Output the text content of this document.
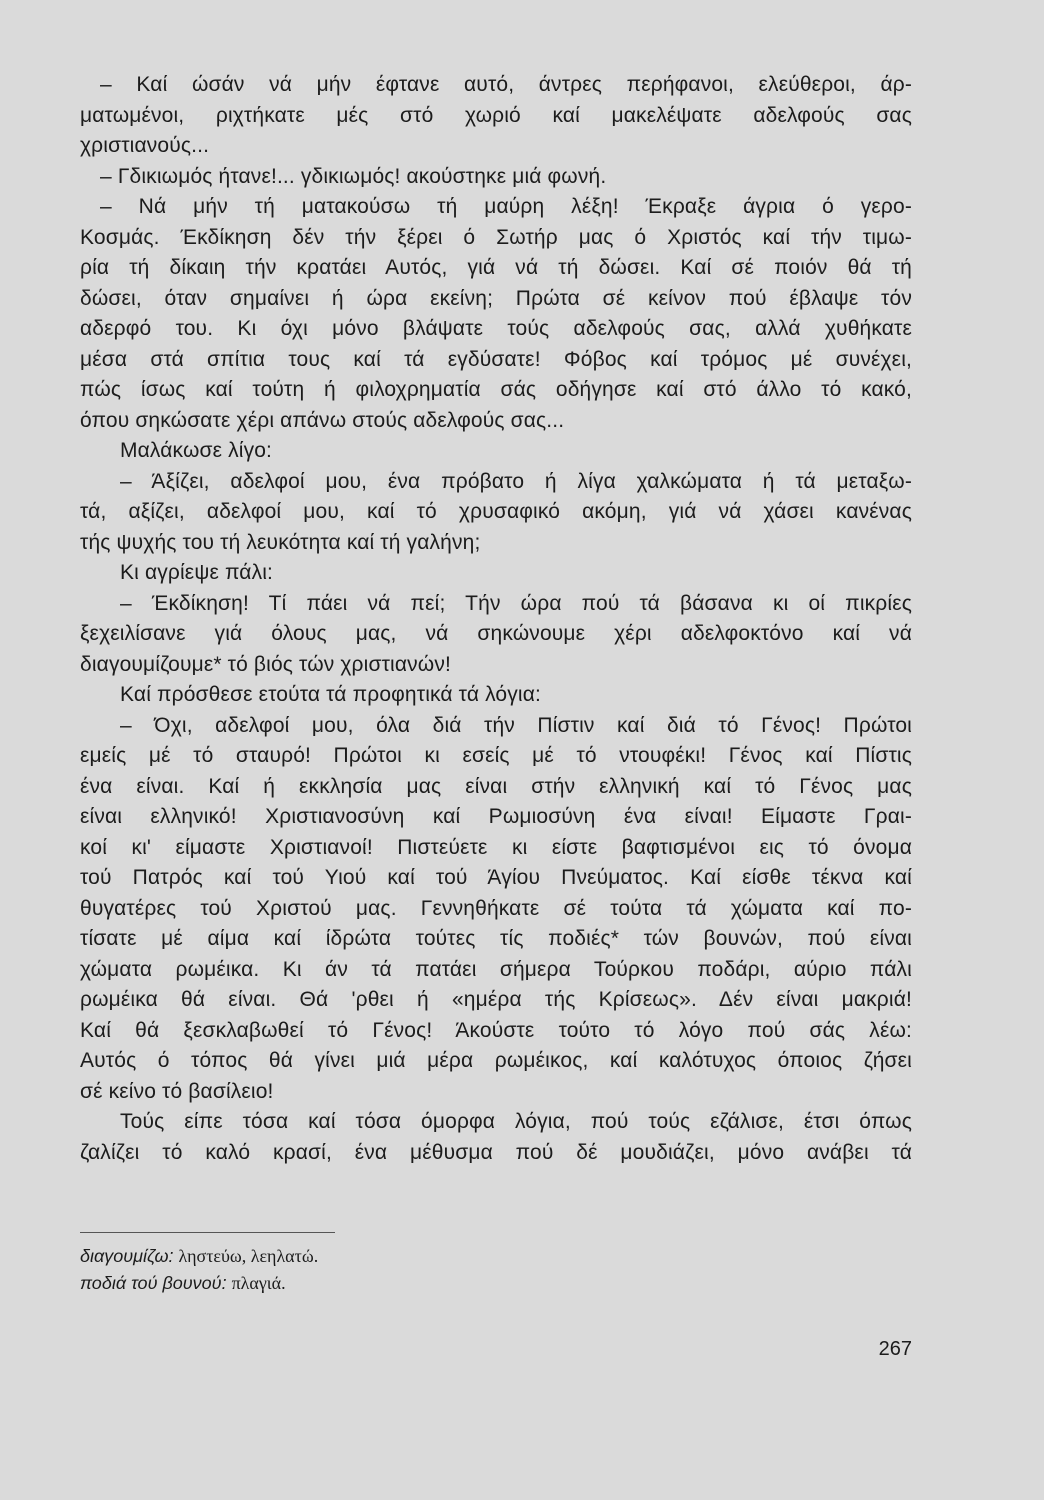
– Καί ώσάν νά μήν έφτανε αυτό, άντρες περήφανοι, ελεύθεροι, άρ-
ματωμένοι, ριχτήκατε μές στό χωριό καί μακελέψατε αδελφούς σας
χριστιανούς...
– Γδικιωμός ήτανε!... γδικιωμός! ακούστηκε μιά φωνή.
– Νά μήν τή ματακούσω τή μαύρη λέξη! Έκραξε άγρια ό γερο-
Κοσμάς. Έκδίκηση δέν τήν ξέρει ό Σωτήρ μας ό Χριστός καί τήν τιμω-
ρία τή δίκαιη τήν κρατάει Αυτός, γιά νά τή δώσει. Καί σέ ποιόν θά τή
δώσει, όταν σημαίνει ή ώρα εκείνη; Πρώτα σέ κείνον πού έβλαψε τόν
αδερφό του. Κι όχι μόνο βλάψατε τούς αδελφούς σας, αλλά χυθήκατε
μέσα στά σπίτια τους καί τά εγδύσατε! Φόβος καί τρόμος μέ συνέχει,
πώς ίσως καί τούτη ή φιλοχρηματία σάς οδήγησε καί στό άλλο τό κακό,
όπου σηκώσατε χέρι απάνω στούς αδελφούς σας...
Μαλάκωσε λίγο:
– Άξίζει, αδελφοί μου, ένα πρόβατο ή λίγα χαλκώματα ή τά μεταξω-
τά, αξίζει, αδελφοί μου, καί τό χρυσαφικό ακόμη, γιά νά χάσει κανένας
τής ψυχής του τή λευκότητα καί τή γαλήνη;
Κι αγρίεψε πάλι:
– Έκδίκηση! Τί πάει νά πεί; Τήν ώρα πού τά βάσανα κι οί πικρίες
ξεχειλίσανε γιά όλους μας, νά σηκώνουμε χέρι αδελφοκτόνο καί νά
διαγουμίζουμε* τό βιός τών χριστιανών!
Καί πρόσθεσε ετούτα τά προφητικά τά λόγια:
– Όχι, αδελφοί μου, όλα διά τήν Πίστιν καί διά τό Γένος! Πρώτοι
εμείς μέ τό σταυρό! Πρώτοι κι εσείς μέ τό ντουφέκι! Γένος καί Πίστις
ένα είναι. Καί ή εκκλησία μας είναι στήν ελληνική καί τό Γένος μας
είναι ελληνικό! Χριστιανοσύνη καί Ρωμιοσύνη ένα είναι! Είμαστε Γραι-
κοί κι' είμαστε Χριστιανοί! Πιστεύετε κι είστε βαφτισμένοι εις τό όνομα
τού Πατρός καί τού Υιού καί τού Άγίου Πνεύματος. Καί είσθε τέκνα καί
θυγατέρες τού Χριστού μας. Γεννηθήκατε σέ τούτα τά χώματα καί πο-
τίσατε μέ αίμα καί ίδρώτα τούτες τίς ποδιές* τών βουνών, πού είναι
χώματα ρωμέικα. Κι άν τά πατάει σήμερα Τούρκου ποδάρι, αύριο πάλι
ρωμέικα θά είναι. Θά 'ρθει ή «ημέρα τής Κρίσεως». Δέν είναι μακριά!
Καί θά ξεσκλαβωθεί τό Γένος! Άκούστε τούτο τό λόγο πού σάς λέω:
Αυτός ό τόπος θά γίνει μιά μέρα ρωμέικος, καί καλότυχος όποιος ζήσει
σέ κείνο τό βασίλειο!
Τούς είπε τόσα καί τόσα όμορφα λόγια, πού τούς εζάλισε, έτσι όπως
ζαλίζει τό καλό κρασί, ένα μέθυσμα πού δέ μουδιάζει, μόνο ανάβει τά
διαγουμίζω: ληστεύω, λεηλατώ.
ποδιά τού βουνού: πλαγιά.
267
